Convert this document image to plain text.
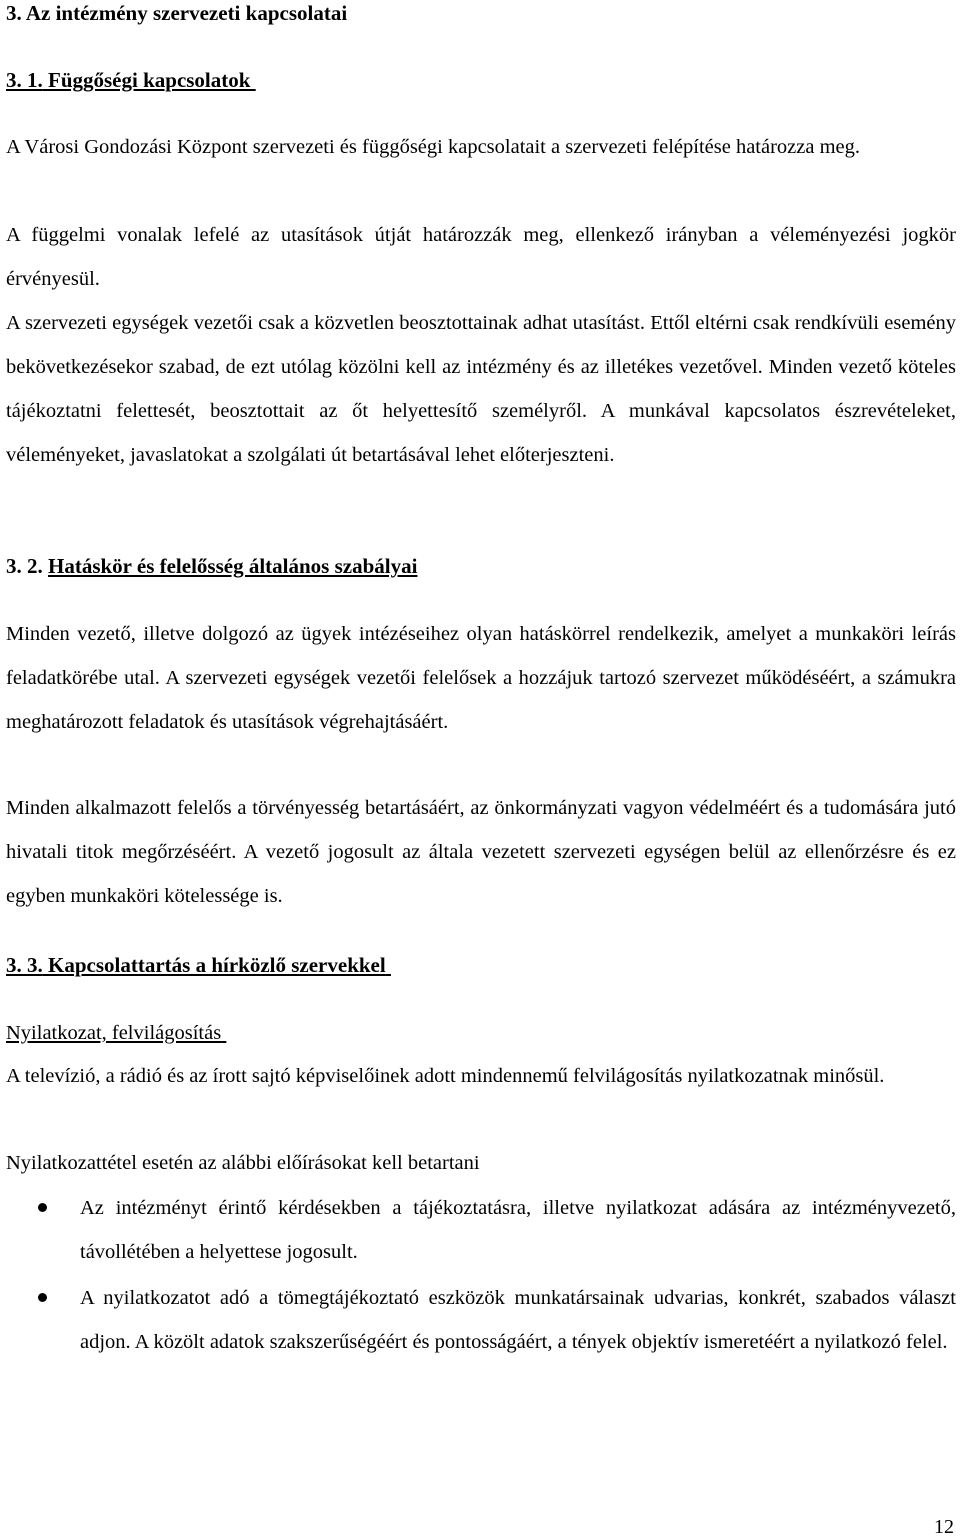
3. Az intézmény szervezeti kapcsolatai
3. 1. Függőségi kapcsolatok
A Városi Gondozási Központ szervezeti és függőségi kapcsolatait a szervezeti felépítése határozza meg.
A függelmi vonalak lefelé az utasítások útját határozzák meg, ellenkező irányban a véleményezési jogkör érvényesül.
A szervezeti egységek vezetői csak a közvetlen beosztottainak adhat utasítást. Ettől eltérni csak rendkívüli esemény bekövetkezésekor szabad, de ezt utólag közölni kell az intézmény és az illetékes vezetővel. Minden vezető köteles tájékoztatni felettesét, beosztottait az őt helyettesítő személyről. A munkával kapcsolatos észrevételeket, véleményeket, javaslatokat a szolgálati út betartásával lehet előterjeszteni.
3. 2. Hatáskör és felelősség általános szabályai
Minden vezető, illetve dolgozó az ügyek intézéseihez olyan hatáskörrel rendelkezik, amelyet a munkaköri leírás feladatkörébe utal. A szervezeti egységek vezetői felelősek a hozzájuk tartozó szervezet működéséért, a számukra meghatározott feladatok és utasítások végrehajtásáért.
Minden alkalmazott felelős a törvényesség betartásáért, az önkormányzati vagyon védelméért és a tudomására jutó hivatali titok megőrzéséért. A vezető jogosult az általa vezetett szervezeti egységen belül az ellenőrzésre és ez egyben munkaköri kötelessége is.
3. 3. Kapcsolattartás a hírközlő szervekkel
Nyilatkozat, felvilágosítás
A televízió, a rádió és az írott sajtó képviselőinek adott mindennemű felvilágosítás nyilatkozatnak minősül.
Nyilatkozattétel esetén az alábbi előírásokat kell betartani
Az intézményt érintő kérdésekben a tájékoztatásra, illetve nyilatkozat adására az intézményvezető, távollétében a helyettese jogosult.
A nyilatkozatot adó a tömegtájékoztató eszközök munkatársainak udvarias, konkrét, szabados választ adjon. A közölt adatok szakszerűségéért és pontosságáért, a tények objektív ismeretéért a nyilatkozó felel.
12
